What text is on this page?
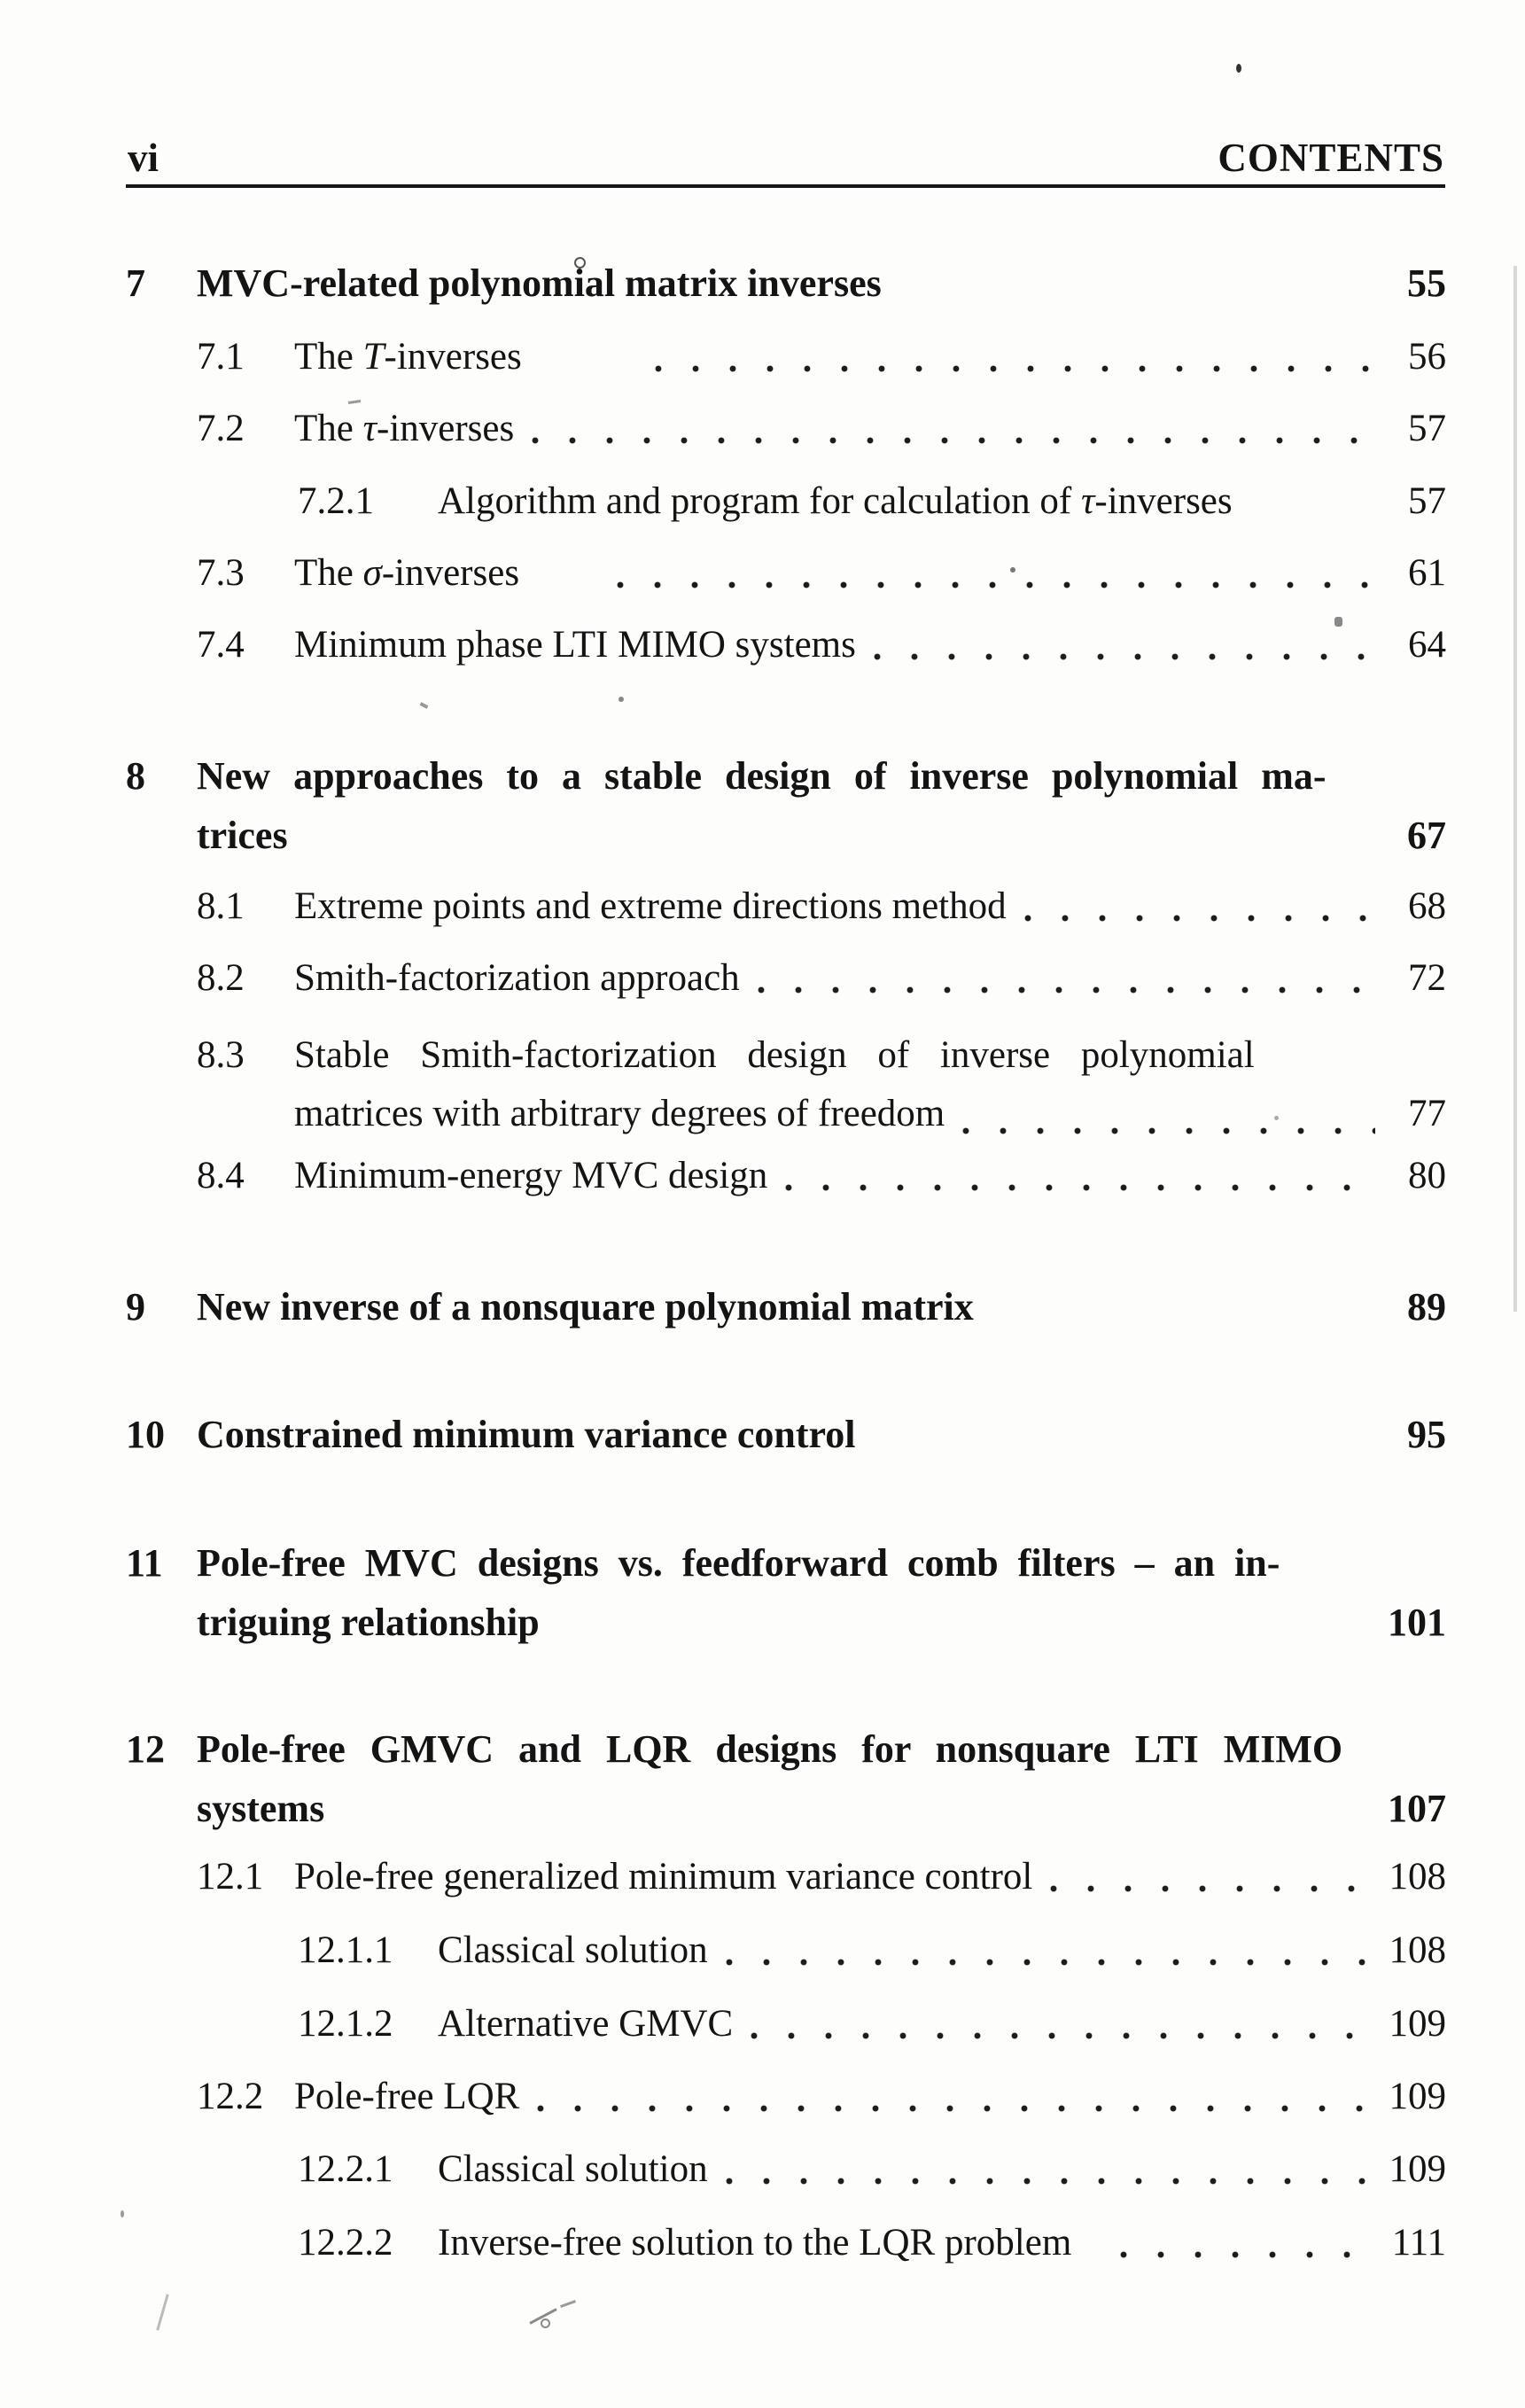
vi	CONTENTS
7	MVC-related polynomial matrix inverses	55
7.1	The T-inverses	56
7.2	The τ-inverses	57
7.2.1	Algorithm and program for calculation of τ-inverses	57
7.3	The σ-inverses	61
7.4	Minimum phase LTI MIMO systems	64
8	New approaches to a stable design of inverse polynomial ma-
trices	67
8.1	Extreme points and extreme directions method	68
8.2	Smith-factorization approach	72
8.3	Stable Smith-factorization design of inverse polynomial
matrices with arbitrary degrees of freedom	77
8.4	Minimum-energy MVC design	80
9	New inverse of a nonsquare polynomial matrix	89
10 Constrained minimum variance control	95
11 Pole-free MVC designs vs. feedforward comb filters – an in-
triguing relationship	101
12 Pole-free GMVC and LQR designs for nonsquare LTI MIMO
systems	107
12.1 Pole-free generalized minimum variance control	108
12.1.1	Classical solution	108
12.1.2	Alternative GMVC	109
12.2 Pole-free LQR	109
12.2.1	Classical solution	109
12.2.2	Inverse-free solution to the LQR problem	111
